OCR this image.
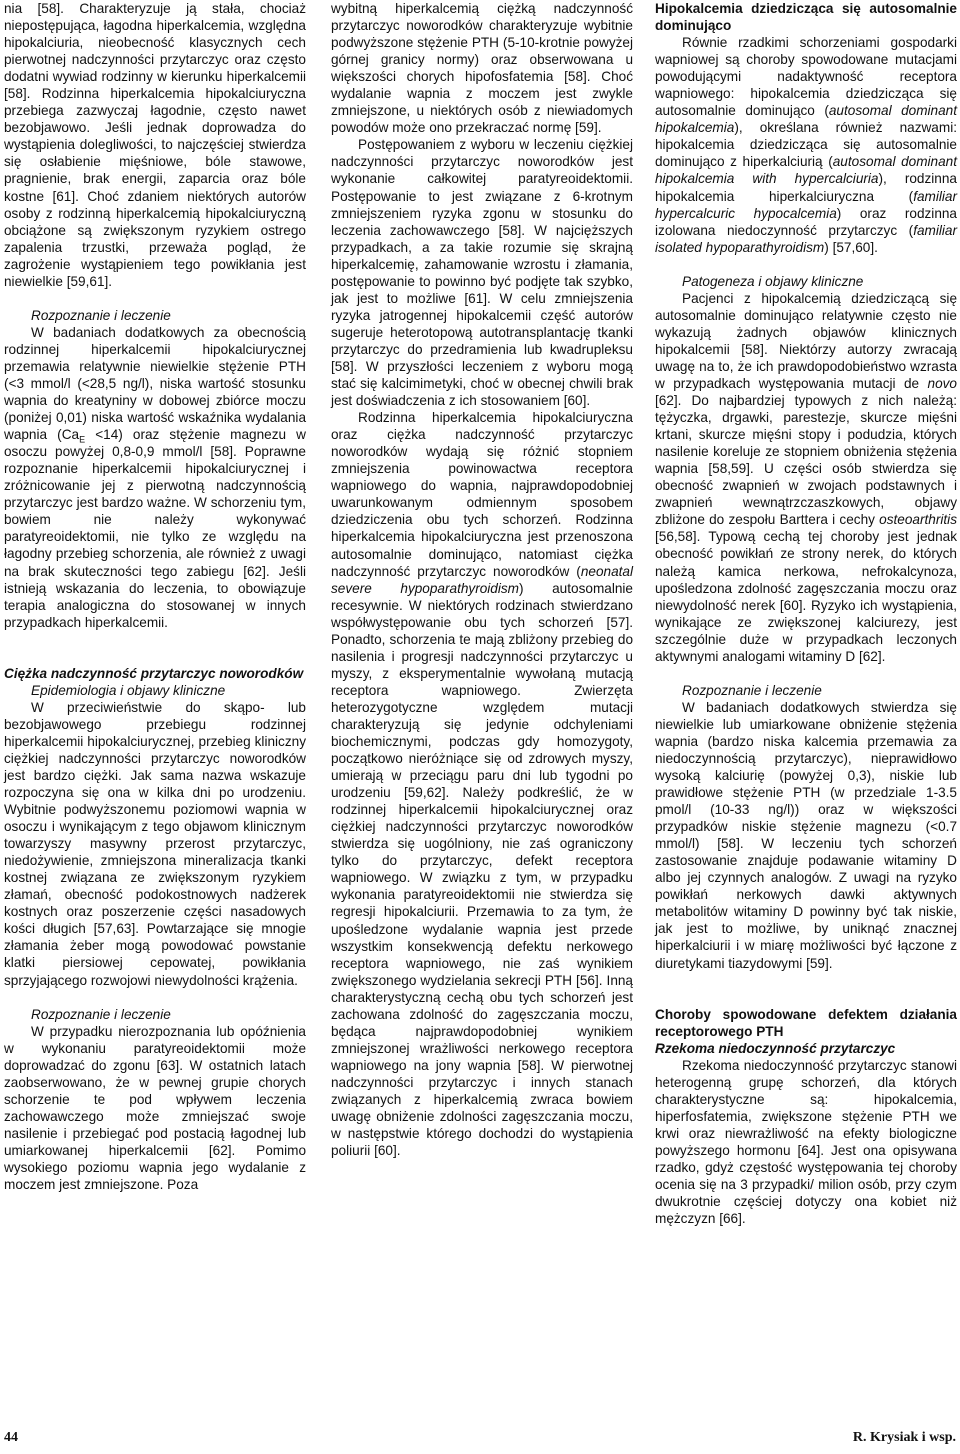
nia [58]. Charakteryzuje ją stała, chociaż niepostępująca, łagodna hiperkalcemia, względna hipokalciuria, nieobecność klasycznych cech pierwotnej nadczynności przytarczyc oraz często dodatni wywiad rodzinny w kierunku hiperkalcemii [58]. Rodzinna hiperkalcemia hipokalciuryczna przebiega zazwyczaj łagodnie, często nawet bezobjawowo. Jeśli jednak doprowadza do wystąpienia dolegliwości, to najczęściej stwierdza się osłabienie mięśniowe, bóle stawowe, pragnienie, brak energii, zaparcia oraz bóle kostne [61]. Choć zdaniem niektórych autorów osoby z rodzinną hiperkalcemią hipokalciuryczną obciążone są zwiększonym ryzykiem ostrego zapalenia trzustki, przeważa pogląd, że zagrożenie wystąpieniem tego powikłania jest niewielkie [59,61].

Rozpoznanie i leczenie

W badaniach dodatkowych za obecnością rodzinnej hiperkalcemii hipokalciurycznej przemawia relatywnie niewielkie stężenie PTH (<3 mmol/l (<28,5 ng/l), niska wartość stosunku wapnia do kreatyniny w dobowej zbiórce moczu (poniżej 0,01) niska wartość wskaźnika wydalania wapnia $(Ca_E <14)$ oraz stężenie magnezu w osoczu powyżej 0,8-0,9 mmol/l [58]. Poprawne rozpoznanie hiperkalcemii hipokalciurycznej i zróżnicowanie jej z pierwotną nadczynnością przytarczyc jest bardzo ważne. W schorzeniu tym, bowiem nie należy wykonywać paratyreoidektomii, nie tylko ze względu na łagodny przebieg schorzenia, ale również z uwagi na brak skuteczności tego zabiegu [62]. Jeśli istnieją wskazania do leczenia, to obowiązuje terapia analogiczna do stosowanej w innych przypadkach hiperkalcemii.

Ciężka nadczynność przytarczyc noworodków

Epidemiologia i objawy kliniczne

W przeciwieństwie do skąpo- lub bezobjawowego przebiegu rodzinnej hiperkalcemii hipokalciurycznej, przebieg kliniczny ciężkiej nadczynności przytarczyc noworodków jest bardzo ciężki. Jak sama nazwa wskazuje rozpoczyna się ona w kilka dni po urodzeniu. Wybitnie podwyższonemu poziomowi wapnia w osoczu i wynikającym z tego objawom klinicznym towarzyszy masywny przerost przytarczyc, niedożywienie, zmniejszona mineralizacja tkanki kostnej związana ze zwiększonym ryzykiem złamań, obecność podokostnowych nadżerek kostnych oraz poszerzenie części nasadowych kości długich [57,63]. Powtarzające się mnogie złamania żeber mogą powodować powstanie klatki piersiowej cepowatej, powikłania sprzyjającego rozwojowi niewydolności krążenia.

Rozpoznanie i leczenie

W przypadku nierozpoznania lub opóźnienia w wykonaniu paratyreoidektomii może doprowadzać do zgonu [63]. W ostatnich latach zaobserwowano, że w pewnej grupie chorych schorzenie te pod wpływem leczenia zachowawczego może zmniejszać swoje nasilenie i przebiegać pod postacią łagodnej lub umiarkowanej hiperkalcemii [62]. Pomimo wysokiego poziomu wapnia jego wydalanie z moczem jest zmniejszone. Poza

wybitną hiperkalcemią ciężką nadczynność przytarczyc noworodków charakteryzuje wybitnie podwyższone stężenie PTH (5-10-krotnie powyżej górnej granicy normy) oraz obserwowana u większości chorych hipofosfatemia [58]. Choć wydalanie wapnia z moczem jest zwykle zmniejszone, u niektórych osób z niewiadomych powodów może ono przekraczać normę [59].

Postępowaniem z wyboru w leczeniu ciężkiej nadczynności przytarczyc noworodków jest wykonanie całkowitej paratyreoidektomii. Postępowanie to jest związane z 6-krotnym zmniejszeniem ryzyka zgonu w stosunku do leczenia zachowawczego [58]. W najcięższych przypadkach, a za takie rozumie się skrajną hiperkalcemię, zahamowanie wzrostu i złamania, postępowanie to powinno być podjęte tak szybko, jak jest to możliwe [61]. W celu zmniejszenia ryzyka jatrogennej hipokalcemii część autorów sugeruje heterotopową autotransplantację tkanki przytarczyc do przedramienia lub kwadrupleksu [58]. W przyszłości leczeniem z wyboru mogą stać się kalcimimetyki, choć w obecnej chwili brak jest doświadczenia z ich stosowaniem [60].

Rodzinna hiperkalcemia hipokalciuryczna oraz ciężka nadczynność przytarczyc noworodków wydają się różnić stopniem zmniejszenia powinowactwa receptora wapniowego do wapnia, najprawdopodobniej uwarunkowanym odmiennym sposobem dziedziczenia obu tych schorzeń. Rodzinna hiperkalcemia hipokalciuryczna jest przenoszona autosomalnie dominująco, natomiast ciężka nadczynność przytarczyc noworodków (neonatal severe hypoparathyroidism) autosomalnie recesywnie. W niektórych rodzinach stwierdzano współwystępowanie obu tych schorzeń [57]. Ponadto, schorzenia te mają zbliżony przebieg do nasilenia i progresji nadczynności przytarczyc u myszy, z eksperymentalnie wywołaną mutacją receptora wapniowego. Zwierzęta heterozygotyczne względem mutacji charakteryzują się jedynie odchyleniami biochemicznymi, podczas gdy homozygoty, początkowo nieróżniące się od zdrowych myszy, umierają w przeciągu paru dni lub tygodni po urodzeniu [59,62]. Należy podkreślić, że w rodzinnej hiperkalcemii hipokalciurycznej oraz ciężkiej nadczynności przytarczyc noworodków stwierdza się uogólniony, nie zaś ograniczony tylko do przytarczyc, defekt receptora wapniowego. W związku z tym, w przypadku wykonania paratyreoidektomii nie stwierdza się regresji hipokalciurii. Przemawia to za tym, że upośledzone wydalanie wapnia jest przede wszystkim konsekwencją defektu nerkowego receptora wapniowego, nie zaś wynikiem zwiększonego wydzielania sekrecji PTH [56]. Inną charakterystyczną cechą obu tych schorzeń jest zachowana zdolność do zagęszczania moczu, będąca najprawdopodobniej wynikiem zmniejszonej wrażliwości nerkowego receptora wapniowego na jony wapnia [58]. W pierwotnej nadczynności przytarczyc i innych stanach związanych z hiperkalcemią zwraca bowiem uwagę obniżenie zdolności zagęszczania moczu, w następstwie którego dochodzi do wystąpienia poliurii [60].

Hipokalcemia dziedzicząca się autosomalnie dominująco

Równie rzadkimi schorzeniami gospodarki wapniowej są choroby spowodowane mutacjami powodującymi nadaktywność receptora wapniowego: hipokalcemia dziedzicząca się autosomalnie dominująco (autosomal dominant hipokalcemia), określana również nazwami: hipokalcemia dziedzicząca się autosomalnie dominująco z hiperkalciurią (autosomal dominant hipokalcemia with hypercalciuria), rodzinna hipokalcemia hiperkalciuryczna (familiar hypercalcuric hypocalcemia) oraz rodzinna izolowana niedoczynność przytarczyc (familiar isolated hypoparathyroidism) [57,60].

Patogeneza i objawy kliniczne

Pacjenci z hipokalcemią dziedziczącą się autosomalnie dominująco relatywnie często nie wykazują żadnych objawów klinicznych hipokalcemii [58]. Niektórzy autorzy zwracają uwagę na to, że ich prawdopodobieństwo wzrasta w przypadkach występowania mutacji de novo [62]. Do najbardziej typowych z nich należą: tężyczka, drgawki, parestezje, skurcze mięśni krtani, skurcze mięśni stopy i podudzia, których nasilenie koreluje ze stopniem obniżenia stężenia wapnia [58,59]. U części osób stwierdza się obecność zwapnień w zwojach podstawnych i zwapnień wewnątrzczaszkowych, objawy zbliżone do zespołu Barttera i cechy osteoarthritis [56,58]. Typową cechą tej choroby jest jednak obecność powikłań ze strony nerek, do których należą kamica nerkowa, nefrokalcynoza, upośledzona zdolność zagęszczania moczu oraz niewydolność nerek [60]. Ryzyko ich wystąpienia, wynikające ze zwiększonej kalciurezy, jest szczególnie duże w przypadkach leczonych aktywnymi analogami witaminy D [62].

Rozpoznanie i leczenie

W badaniach dodatkowych stwierdza się niewielkie lub umiarkowane obniżenie stężenia wapnia (bardzo niska kalcemia przemawia za niedoczynnością przytarczyc), nieprawidłowo wysoką kalciurię (powyżej 0,3), niskie lub prawidłowe stężenie PTH (w przedziale 1-3.5 pmol/l (10-33 ng/l)) oraz w większości przypadków niskie stężenie magnezu (<0.7 mmol/l) [58]. W leczeniu tych schorzeń zastosowanie znajduje podawanie witaminy D albo jej czynnych analogów. Z uwagi na ryzyko powikłań nerkowych dawki aktywnych metabolitów witaminy D powinny być tak niskie, jak jest to możliwe, by uniknąć znacznej hiperkalciurii i w miarę możliwości być łączone z diuretykami tiazydowymi [59].

Choroby spowodowane defektem działania receptorowego PTH

Rzekoma niedoczynność przytarczyc

Rzekoma niedoczynność przytarczyc stanowi heterogenną grupę schorzeń, dla których charakterystyczne są: hipokalcemia, hiperfosfatemia, zwiększone stężenie PTH we krwi oraz niewrażliwość na efekty biologiczne powyższego hormonu [64]. Jest ona opisywana rzadko, gdyż częstość występowania tej choroby ocenia się na 3 przypadki/ milion osób, przy czym dwukrotnie częściej dotyczy ona kobiet niż mężczyzn [66].

44	R. Krysiak i wsp.
